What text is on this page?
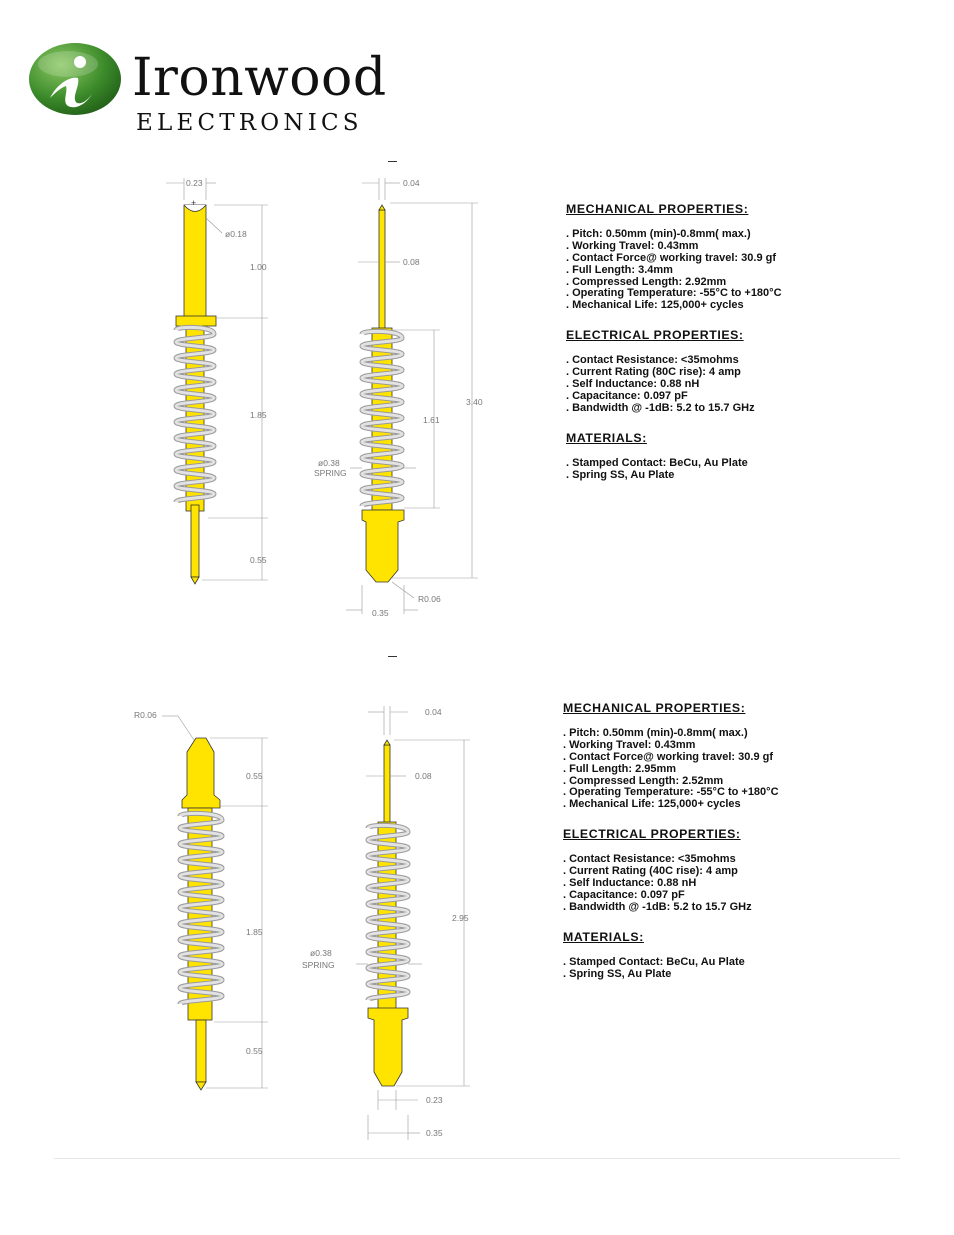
Ironwood
ELECTRONICS
+
0.23
ø0.18
1.00
1.85
0.55
0.04
0.08
1.61
3.40
ø0.38
SPRING
R0.06
0.35
R0.06
0.55
1.85
0.55
0.04
0.08
2.95
ø0.38
SPRING
0.23
0.35
MECHANICAL PROPERTIES:
. Pitch: 0.50mm (min)-0.8mm( max.)
. Working Travel: 0.43mm
. Contact Force@ working travel: 30.9 gf
. Full Length: 3.4mm
. Compressed Length: 2.92mm
. Operating Temperature: -55°C to +180°C
. Mechanical Life: 125,000+ cycles
ELECTRICAL PROPERTIES:
. Contact Resistance: <35mohms
. Current Rating (80C rise): 4 amp
. Self Inductance: 0.88 nH
. Capacitance: 0.097 pF
. Bandwidth @ -1dB: 5.2 to 15.7 GHz
MATERIALS:
. Stamped Contact: BeCu, Au Plate
. Spring SS, Au Plate
MECHANICAL PROPERTIES:
. Pitch: 0.50mm (min)-0.8mm( max.)
. Working Travel: 0.43mm
. Contact Force@ working travel: 30.9 gf
. Full Length: 2.95mm
. Compressed Length: 2.52mm
. Operating Temperature: -55°C to +180°C
. Mechanical Life: 125,000+ cycles
ELECTRICAL PROPERTIES:
. Contact Resistance: <35mohms
. Current Rating (40C rise): 4 amp
. Self Inductance: 0.88 nH
. Capacitance: 0.097 pF
. Bandwidth @ -1dB: 5.2 to 15.7 GHz
MATERIALS:
. Stamped Contact: BeCu, Au Plate
. Spring SS, Au Plate
